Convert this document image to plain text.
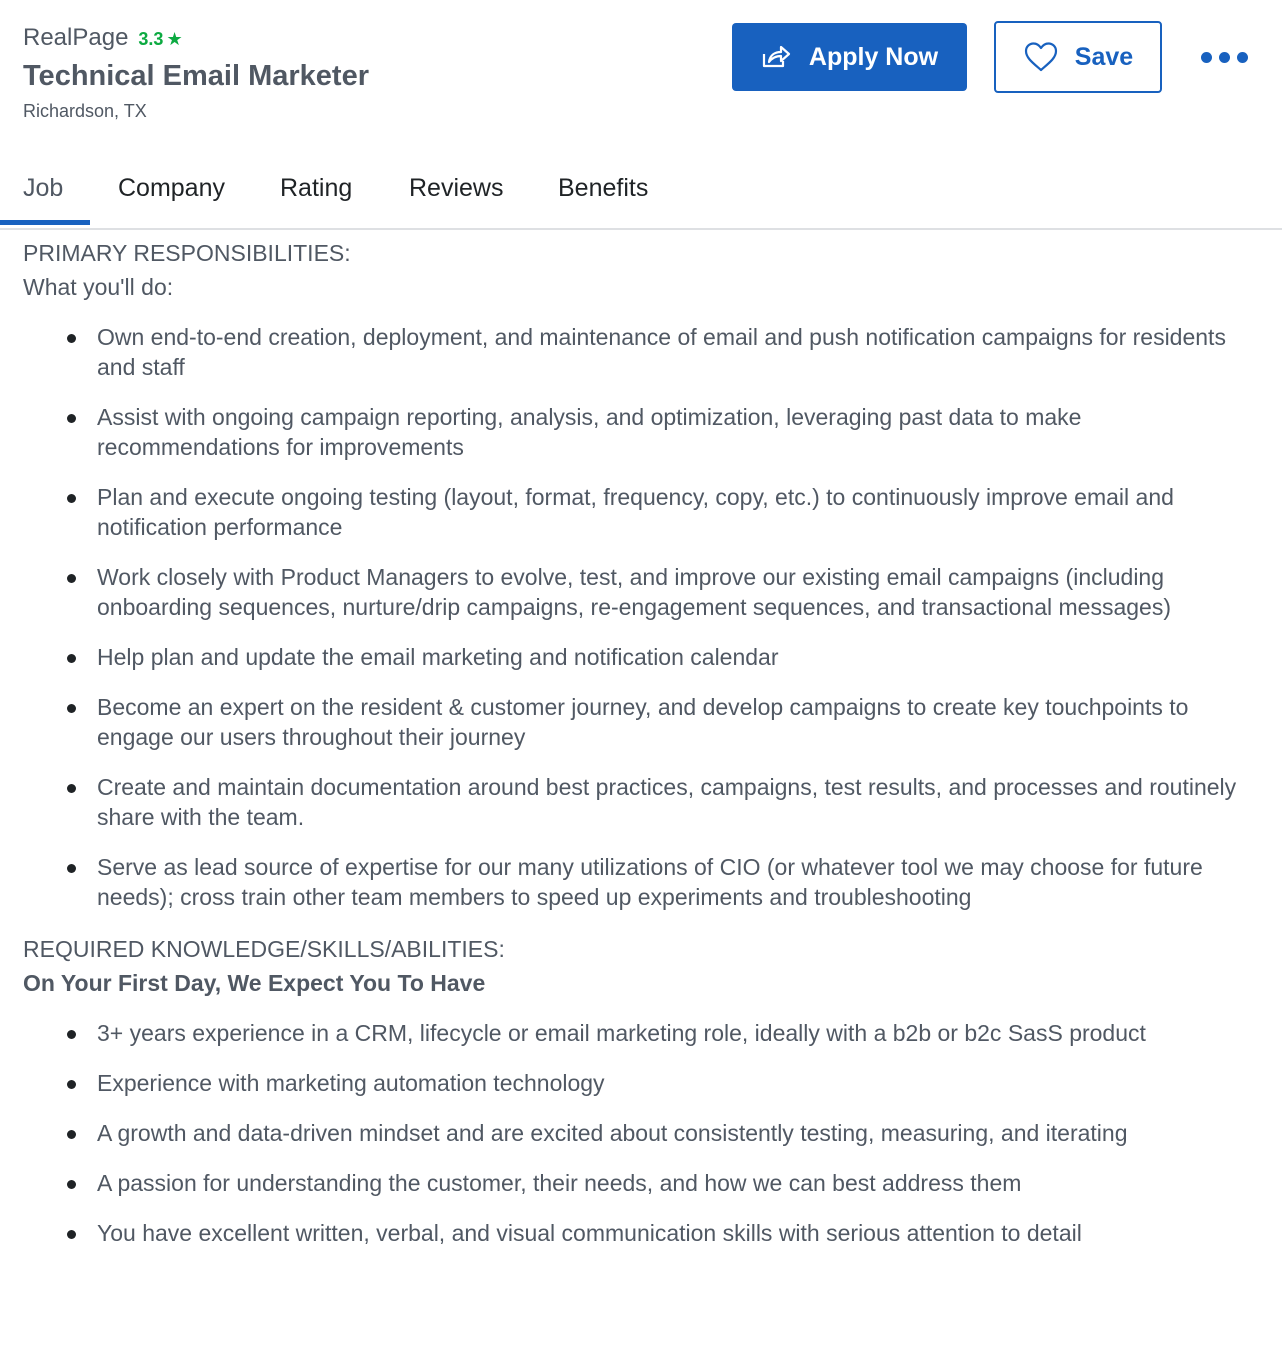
RealPage 3.3 ★
Technical Email Marketer
Richardson, TX
Apply Now	Save
Job Company Rating Reviews Benefits
PRIMARY RESPONSIBILITIES:
What you'll do:
Own end-to-end creation, deployment, and maintenance of email and push notification campaigns for residents and staff
Assist with ongoing campaign reporting, analysis, and optimization, leveraging past data to make recommendations for improvements
Plan and execute ongoing testing (layout, format, frequency, copy, etc.) to continuously improve email and notification performance
Work closely with Product Managers to evolve, test, and improve our existing email campaigns (including onboarding sequences, nurture/drip campaigns, re-engagement sequences, and transactional messages)
Help plan and update the email marketing and notification calendar
Become an expert on the resident & customer journey, and develop campaigns to create key touchpoints to engage our users throughout their journey
Create and maintain documentation around best practices, campaigns, test results, and processes and routinely share with the team.
Serve as lead source of expertise for our many utilizations of CIO (or whatever tool we may choose for future needs); cross train other team members to speed up experiments and troubleshooting
REQUIRED KNOWLEDGE/SKILLS/ABILITIES:
On Your First Day, We Expect You To Have
3+ years experience in a CRM, lifecycle or email marketing role, ideally with a b2b or b2c SasS product
Experience with marketing automation technology
A growth and data-driven mindset and are excited about consistently testing, measuring, and iterating
A passion for understanding the customer, their needs, and how we can best address them
You have excellent written, verbal, and visual communication skills with serious attention to detail
